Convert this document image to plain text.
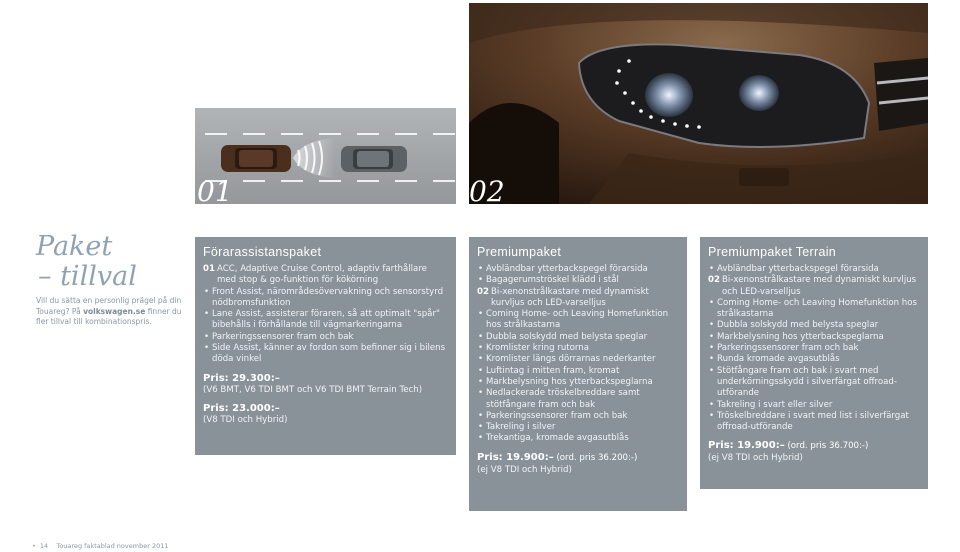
Paket
– tillval
Vill du sätta en personlig prägel på din Touareg? På volkswagen.se finner du fler tillval till kombinationspris.
01	02
Förarassistanspaket
01 ACC, Adaptive Cruise Control, adaptiv farthållare med stop & go-funktion för kökörning
• Front Assist, närområdesövervakning och sensorstyrd nödbromsfunktion
• Lane Assist, assisterar föraren, så att optimalt "spår" bibehålls i förhållande till vägmarkeringarna
• Parkeringssensorer fram och bak
• Side Assist, känner av fordon som befinner sig i bilens döda vinkel
Pris: 29.300:–
(V6 BMT, V6 TDI BMT och V6 TDI BMT Terrain Tech)
Pris: 23.000:–
(V8 TDI och Hybrid)
Premiumpaket
• Avbländbar ytterbackspegel förarsida
• Bagagerumströskel klädd i stål
02 Bi-xenonstrålkastare med dynamiskt kurvljus och LED-varselljus
• Coming Home- och Leaving Homefunktion hos strålkastarna
• Dubbla solskydd med belysta speglar
• Kromlister kring rutorna
• Kromlister längs dörrarnas nederkanter
• Luftintag i mitten fram, kromat
• Markbelysning hos ytterbackspeglarna
• Nedlackerade tröskelbreddare samt stötfångare fram och bak
• Parkeringssensorer fram och bak
• Takreling i silver
• Trekantiga, kromade avgasutblås
Pris: 19.900:– (ord. pris 36.200:-)
(ej V8 TDI och Hybrid)
Premiumpaket Terrain
• Avbländbar ytterbackspegel förarsida
02 Bi-xenonstrålkastare med dynamiskt kurvljus och LED-varselljus
• Coming Home- och Leaving Homefunktion hos strålkastarna
• Dubbla solskydd med belysta speglar
• Markbelysning hos ytterbackspeglarna
• Parkeringssensorer fram och bak
• Runda kromade avgasutblås
• Stötfångare fram och bak i svart med underkörningsskydd i silverfärgat offroad-utförande
• Takreling i svart eller silver
• Tröskelbreddare i svart med list i silverfärgat offroad-utförande
Pris: 19.900:– (ord. pris 36.700:-)
(ej V8 TDI och Hybrid)
• 14 Touareg faktablad november 2011
